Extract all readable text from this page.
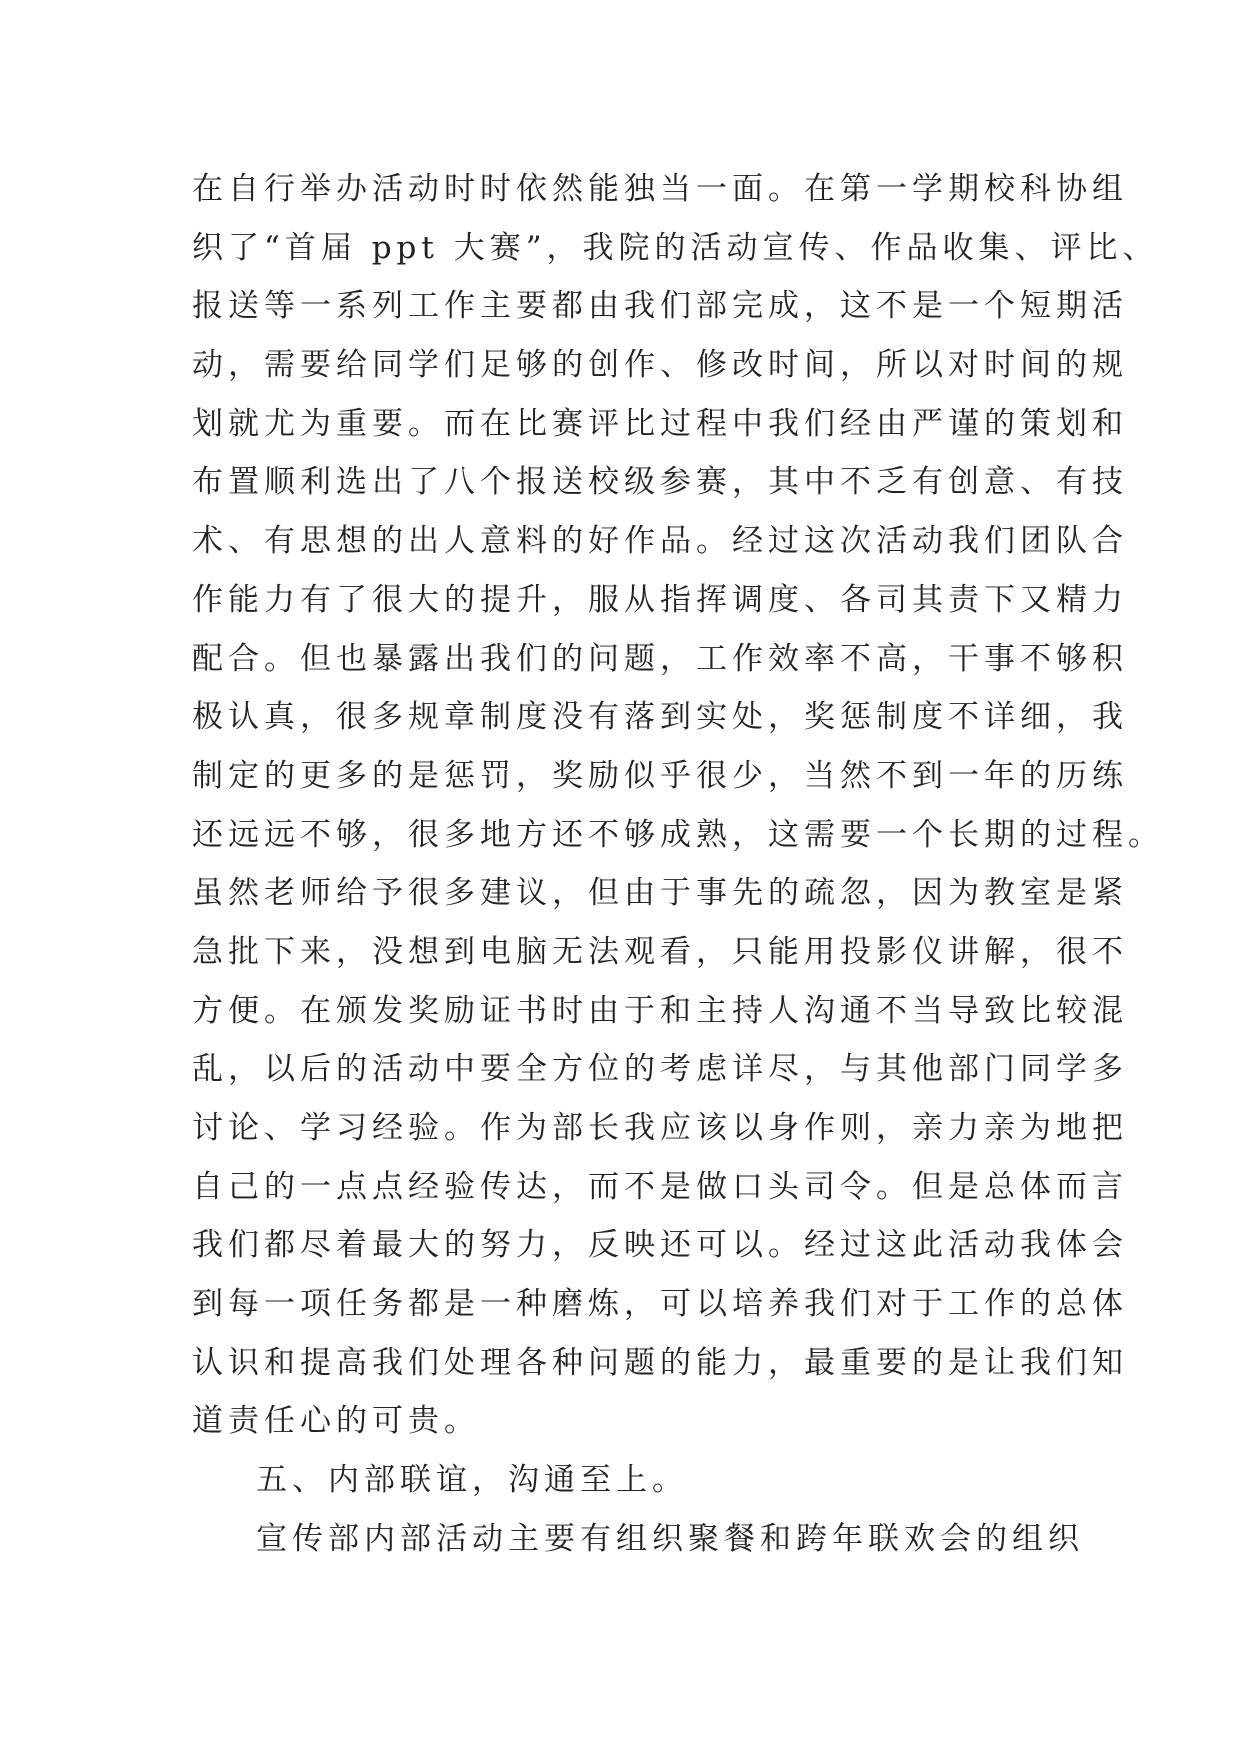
在自行举办活动时时依然能独当一面。在第一学期校科协组
织了“首届 ppt 大赛”，我院的活动宣传、作品收集、评比、
报送等一系列工作主要都由我们部完成，这不是一个短期活
动，需要给同学们足够的创作、修改时间，所以对时间的规
划就尤为重要。而在比赛评比过程中我们经由严谨的策划和
布置顺利选出了八个报送校级参赛，其中不乏有创意、有技
术、有思想的出人意料的好作品。经过这次活动我们团队合
作能力有了很大的提升，服从指挥调度、各司其责下又精力
配合。但也暴露出我们的问题，工作效率不高，干事不够积
极认真，很多规章制度没有落到实处，奖惩制度不详细，我
制定的更多的是惩罚，奖励似乎很少，当然不到一年的历练
还远远不够，很多地方还不够成熟，这需要一个长期的过程。
虽然老师给予很多建议，但由于事先的疏忽，因为教室是紧
急批下来，没想到电脑无法观看，只能用投影仪讲解，很不
方便。在颁发奖励证书时由于和主持人沟通不当导致比较混
乱，以后的活动中要全方位的考虑详尽，与其他部门同学多
讨论、学习经验。作为部长我应该以身作则，亲力亲为地把
自己的一点点经验传达，而不是做口头司令。但是总体而言
我们都尽着最大的努力，反映还可以。经过这此活动我体会
到每一项任务都是一种磨炼，可以培养我们对于工作的总体
认识和提高我们处理各种问题的能力，最重要的是让我们知
道责任心的可贵。
五、内部联谊，沟通至上。
宣传部内部活动主要有组织聚餐和跨年联欢会的组织
